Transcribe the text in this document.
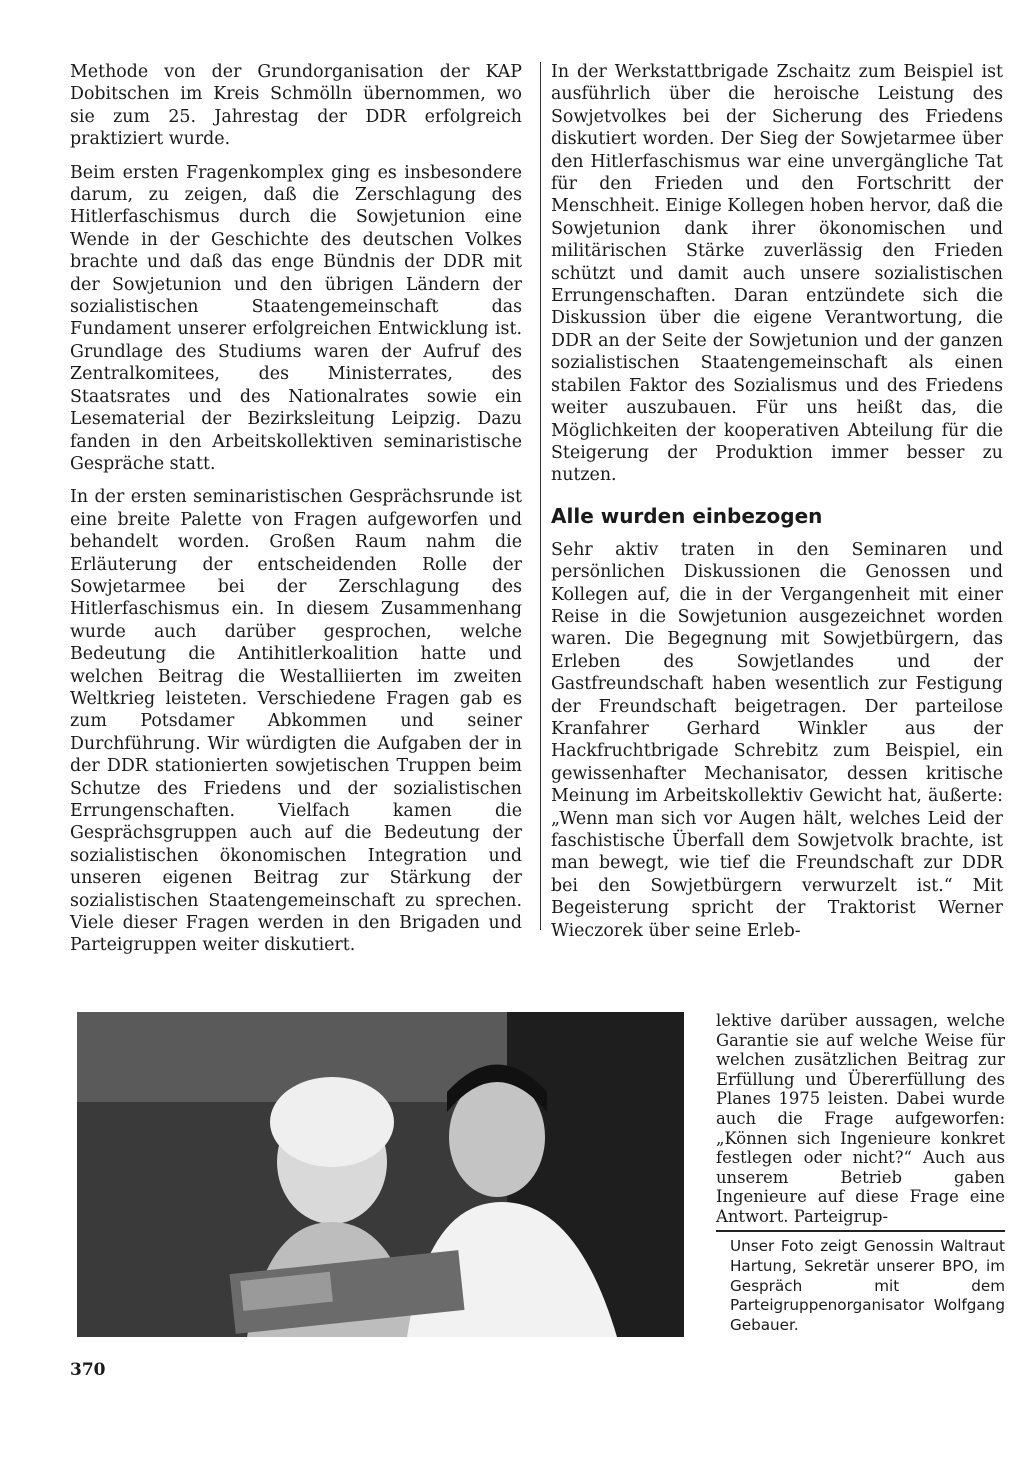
Methode von der Grundorganisation der KAP Dobitschen im Kreis Schmölln übernommen, wo sie zum 25. Jahrestag der DDR erfolgreich praktiziert wurde.

Beim ersten Fragenkomplex ging es insbesondere darum, zu zeigen, daß die Zerschlagung des Hitlerfaschismus durch die Sowjetunion eine Wende in der Geschichte des deutschen Volkes brachte und daß das enge Bündnis der DDR mit der Sowjetunion und den übrigen Ländern der sozialistischen Staatengemeinschaft das Fundament unserer erfolgreichen Entwicklung ist. Grundlage des Studiums waren der Aufruf des Zentralkomitees, des Ministerrates, des Staatsrates und des Nationalrates sowie ein Lesematerial der Bezirksleitung Leipzig. Dazu fanden in den Arbeitskollektiven seminaristische Gespräche statt.

In der ersten seminaristischen Gesprächsrunde ist eine breite Palette von Fragen aufgeworfen und behandelt worden. Großen Raum nahm die Erläuterung der entscheidenden Rolle der Sowjetarmee bei der Zerschlagung des Hitlerfaschismus ein. In diesem Zusammenhang wurde auch darüber gesprochen, welche Bedeutung die Antihitlerkoalition hatte und welchen Beitrag die Westalliierten im zweiten Weltkrieg leisteten. Verschiedene Fragen gab es zum Potsdamer Abkommen und seiner Durchführung. Wir würdigten die Aufgaben der in der DDR stationierten sowjetischen Truppen beim Schutze des Friedens und der sozialistischen Errungenschaften. Vielfach kamen die Gesprächsgruppen auch auf die Bedeutung der sozialistischen ökonomischen Integration und unseren eigenen Beitrag zur Stärkung der sozialistischen Staatengemeinschaft zu sprechen. Viele dieser Fragen werden in den Brigaden und Parteigruppen weiter diskutiert.

In der Werkstattbrigade Zschaitz zum Beispiel ist ausführlich über die heroische Leistung des Sowjetvolkes bei der Sicherung des Friedens diskutiert worden. Der Sieg der Sowjetarmee über den Hitlerfaschismus war eine unvergängliche Tat für den Frieden und den Fortschritt der Menschheit. Einige Kollegen hoben hervor, daß die Sowjetunion dank ihrer ökonomischen und militärischen Stärke zuverlässig den Frieden schützt und damit auch unsere sozialistischen Errungenschaften. Daran entzündete sich die Diskussion über die eigene Verantwortung, die DDR an der Seite der Sowjetunion und der ganzen sozialistischen Staatengemeinschaft als einen stabilen Faktor des Sozialismus und des Friedens weiter auszubauen. Für uns heißt das, die Möglichkeiten der kooperativen Abteilung für die Steigerung der Produktion immer besser zu nutzen.

Alle wurden einbezogen

Sehr aktiv traten in den Seminaren und persönlichen Diskussionen die Genossen und Kollegen auf, die in der Vergangenheit mit einer Reise in die Sowjetunion ausgezeichnet worden waren. Die Begegnung mit Sowjetbürgern, das Erleben des Sowjetlandes und der Gastfreundschaft haben wesentlich zur Festigung der Freundschaft beigetragen. Der parteilose Kranfahrer Gerhard Winkler aus der Hackfruchtbrigade Schrebitz zum Beispiel, ein gewissenhafter Mechanisator, dessen kritische Meinung im Arbeitskollektiv Gewicht hat, äußerte: „Wenn man sich vor Augen hält, welches Leid der faschistische Überfall dem Sowjetvolk brachte, ist man bewegt, wie tief die Freundschaft zur DDR bei den Sowjetbürgern verwurzelt ist.“ Mit Begeisterung spricht der Traktorist Werner Wieczorek über seine Erleb-

lektive darüber aussagen, welche Garantie sie auf welche Weise für welchen zusätzlichen Beitrag zur Erfüllung und Übererfüllung des Planes 1975 leisten. Dabei wurde auch die Frage aufgeworfen: „Können sich Ingenieure konkret festlegen oder nicht?“ Auch aus unserem Betrieb gaben Ingenieure auf diese Frage eine Antwort. Parteigrup-

Unser Foto zeigt Genossin Waltraut Hartung, Sekretär unserer BPO, im Gespräch mit dem Parteigruppenorganisator Wolfgang Gebauer.
370
